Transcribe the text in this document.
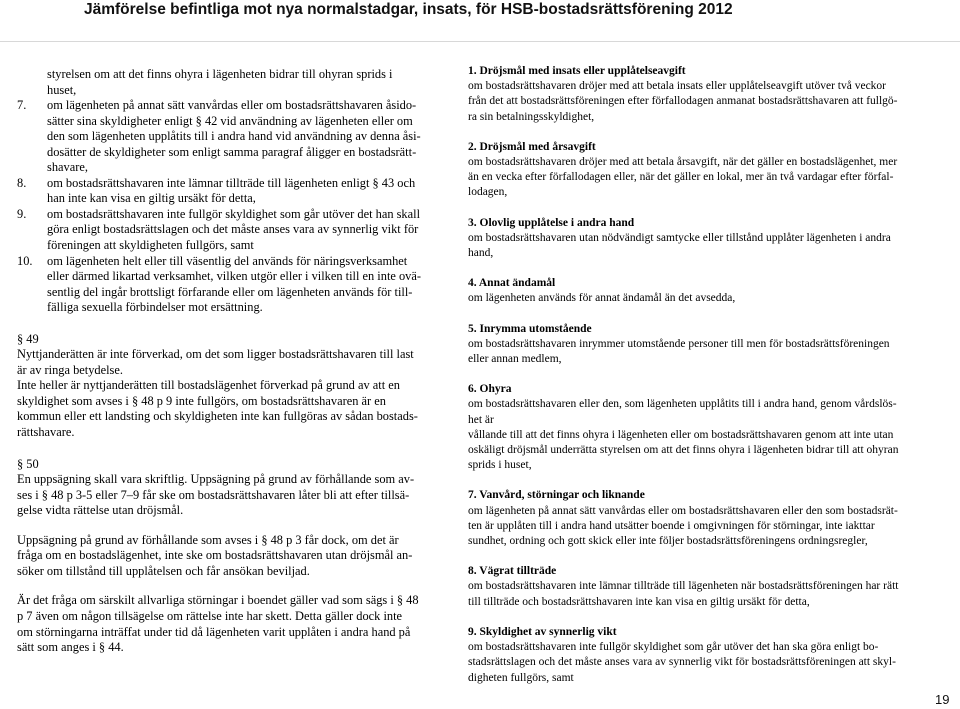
Jämförelse befintliga mot nya normalstadgar, insats, för HSB-bostadsrättsförening 2012
styrelsen om att det finns ohyra i lägenheten bidrar till ohyran sprids i
huset,
7. om lägenheten på annat sätt vanvårdas eller om bostadsrättshavaren åsido-
sätter sina skyldigheter enligt § 42 vid användning av lägenheten eller om
den som lägenheten upplåtits till i andra hand vid användning av denna åsi-
dosätter de skyldigheter som enligt samma paragraf åligger en bostadsrätt-
shavare,
8. om bostadsrättshavaren inte lämnar tillträde till lägenheten enligt § 43 och
han inte kan visa en giltig ursäkt för detta,
9. om bostadsrättshavaren inte fullgör skyldighet som går utöver det han skall
göra enligt bostadsrättslagen och det måste anses vara av synnerlig vikt för
föreningen att skyldigheten fullgörs, samt
10. om lägenheten helt eller till väsentlig del används för näringsverksamhet
eller därmed likartad verksamhet, vilken utgör eller i vilken till en inte ovä-
sentlig del ingår brottsligt förfarande eller om lägenheten används för till-
fälliga sexuella förbindelser mot ersättning.
§ 49
Nyttjanderätten är inte förverkad, om det som ligger bostadsrättshavaren till last
är av ringa betydelse.
Inte heller är nyttjanderätten till bostadslägenhet förverkad på grund av att en
skyldighet som avses i § 48 p 9 inte fullgörs, om bostadsrättshavaren är en
kommun eller ett landsting och skyldigheten inte kan fullgöras av sådan bostads-
rättshavare.
§ 50
En uppsägning skall vara skriftlig. Uppsägning på grund av förhållande som av-
ses i § 48 p 3-5 eller 7–9 får ske om bostadsrättshavaren låter bli att efter tillsä-
gelse vidta rättelse utan dröjsmål.
Uppsägning på grund av förhållande som avses i § 48 p 3 får dock, om det är
fråga om en bostadslägenhet, inte ske om bostadsrättshavaren utan dröjsmål an-
söker om tillstånd till upplåtelsen och får ansökan beviljad.
Är det fråga om särskilt allvarliga störningar i boendet gäller vad som sägs i § 48
p 7 även om någon tillsägelse om rättelse inte har skett. Detta gäller dock inte
om störningarna inträffat under tid då lägenheten varit upplåten i andra hand på
sätt som anges i § 44.
1. Dröjsmål med insats eller upplåtelseavgift
om bostadsrättshavaren dröjer med att betala insats eller upplåtelseavgift utöver två veckor
från det att bostadsrättsföreningen efter förfallodagen anmanat bostadsrättshavaren att fullgö-
ra sin betalningsskyldighet,
2. Dröjsmål med årsavgift
om bostadsrättshavaren dröjer med att betala årsavgift, när det gäller en bostadslägenhet, mer
än en vecka efter förfallodagen eller, när det gäller en lokal, mer än två vardagar efter förfal-
lodagen,
3. Olovlig upplåtelse i andra hand
om bostadsrättshavaren utan nödvändigt samtycke eller tillstånd upplåter lägenheten i andra
hand,
4. Annat ändamål
om lägenheten används för annat ändamål än det avsedda,
5. Inrymma utomstående
om bostadsrättshavaren inrymmer utomstående personer till men för bostadsrättsföreningen
eller annan medlem,
6. Ohyra
om bostadsrättshavaren eller den, som lägenheten upplåtits till i andra hand, genom vårdslös-
het är
vållande till att det finns ohyra i lägenheten eller om bostadsrättshavaren genom att inte utan
oskäligt dröjsmål underrätta styrelsen om att det finns ohyra i lägenheten bidrar till att ohyran
sprids i huset,
7. Vanvård, störningar och liknande
om lägenheten på annat sätt vanvårdas eller om bostadsrättshavaren eller den som bostadsrät-
ten är upplåten till i andra hand utsätter boende i omgivningen för störningar, inte iakttar
sundhet, ordning och gott skick eller inte följer bostadsrättsföreningens ordningsregler,
8. Vägrat tillträde
om bostadsrättshavaren inte lämnar tillträde till lägenheten när bostadsrättsföreningen har rätt
till tillträde och bostadsrättshavaren inte kan visa en giltig ursäkt för detta,
9. Skyldighet av synnerlig vikt
om bostadsrättshavaren inte fullgör skyldighet som går utöver det han ska göra enligt bo-
stadsrättslagen och det måste anses vara av synnerlig vikt för bostadsrättsföreningen att skyl-
digheten fullgörs, samt
19
